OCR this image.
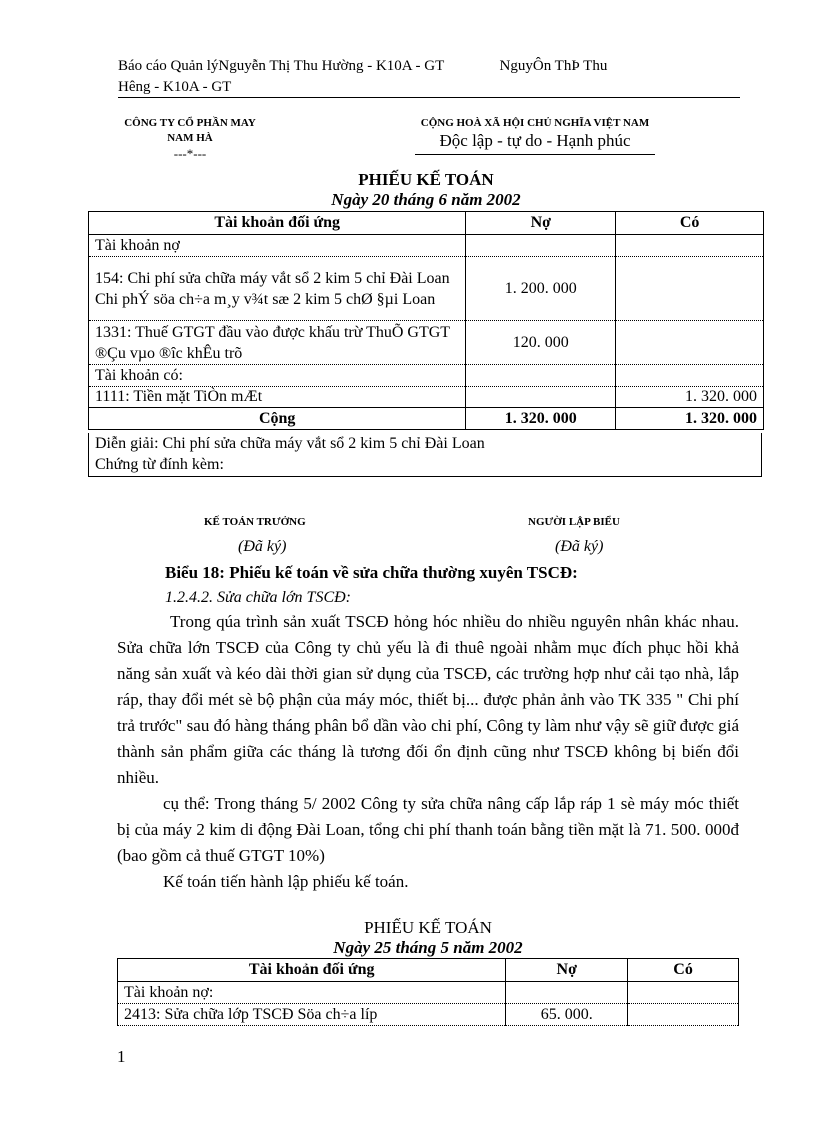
Báo cáo Quản lýNguyễn Thị Thu Hường - K10A - GT	NguyÔn ThÞ Thu
Hêng - K10A - GT
CÔNG TY CỔ PHẦN MAY
NAM HÀ
---*---
CỘNG HOÀ XÃ HỘI CHỦ NGHĨA VIỆT NAM
Độc lập - tự do - Hạnh phúc
PHIẾU KẾ TOÁN
Ngày 20 tháng 6 năm 2002
Tài khoản đối ứng	Nợ	Có
Tài khoản nợ		
154: Chi phí sửa chữa máy vắt sổ 2 kim 5 chỉ Đài Loan Chi phÝ söa ch÷a m¸y v¾t sæ 2 kim 5 chØ §µi Loan	1. 200. 000	
1331: Thuế GTGT đầu vào được khấu trừ ThuÕ GTGT ®Çu vµo ®îc khÊu trõ	120. 000	
Tài khoản có:		
1111: Tiền mặt TiÒn mÆt		1. 320. 000
Cộng	1. 320. 000	1. 320. 000
Diễn giải: Chi phí sửa chữa máy vắt sổ 2 kim 5 chỉ Đài Loan
Chứng từ đính kèm:
KẾ TOÁN TRƯỞNG
(Đã ký)
NGƯỜI LẬP BIỂU
(Đã ký)
Biểu 18: Phiếu kế toán về sửa chữa thường xuyên TSCĐ:
1.2.4.2. Sửa chữa lớn TSCĐ:
Trong qúa trình sản xuất TSCĐ hỏng hóc nhiều do nhiều nguyên nhân khác nhau. Sửa chữa lớn TSCĐ của Công ty chủ yếu là đi thuê ngoài nhằm mục đích phục hồi khả năng sản xuất và kéo dài thời gian sử dụng của TSCĐ, các trường hợp như cải tạo nhà, lắp ráp, thay đổi mét sè bộ phận của máy móc, thiết bị... được phản ảnh vào TK 335 " Chi phí trả trước" sau đó hàng tháng phân bổ dần vào chi phí, Công ty làm như vậy sẽ giữ được giá thành sản phẩm giữa các tháng là tương đối ổn định cũng như TSCĐ không bị biến đổi nhiều.
cụ thể: Trong tháng 5/ 2002 Công ty sửa chữa nâng cấp lắp ráp 1 sè máy móc thiết bị của máy 2 kim di động Đài Loan, tổng chi phí thanh toán bằng tiền mặt là 71. 500. 000đ (bao gồm cả thuế GTGT 10%)
Kế toán tiến hành lập phiếu kế toán.
PHIẾU KẾ TOÁN
Ngày 25 tháng 5 năm 2002
Tài khoản đối ứng	Nợ	Có
Tài khoản nợ:		
2413: Sửa chữa lớp TSCĐ Söa ch÷a líp	65. 000.	
1
